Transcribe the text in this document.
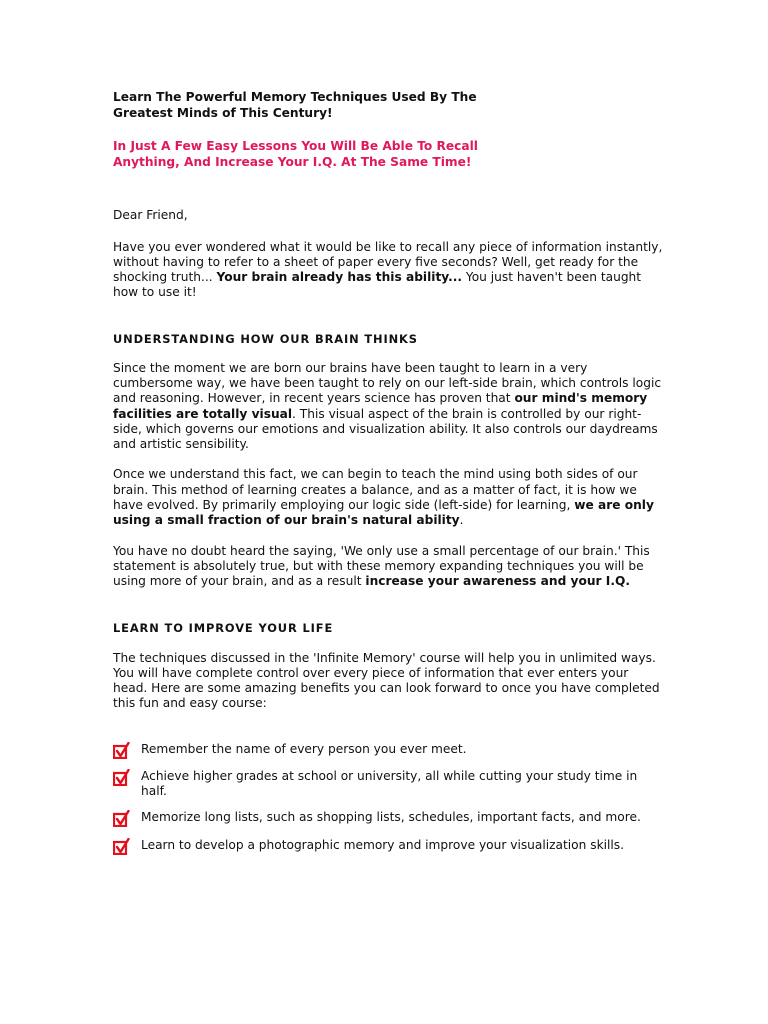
Learn The Powerful Memory Techniques Used By The
Greatest Minds of This Century!
In Just A Few Easy Lessons You Will Be Able To Recall
Anything, And Increase Your I.Q. At The Same Time!

Dear Friend,

Have you ever wondered what it would be like to recall any piece of information instantly, without having to refer to a sheet of paper every five seconds? Well, get ready for the shocking truth... Your brain already has this ability... You just haven't been taught how to use it!

UNDERSTANDING HOW OUR BRAIN THINKS

Since the moment we are born our brains have been taught to learn in a very cumbersome way, we have been taught to rely on our left-side brain, which controls logic and reasoning. However, in recent years science has proven that our mind's memory facilities are totally visual. This visual aspect of the brain is controlled by our right-side, which governs our emotions and visualization ability. It also controls our daydreams and artistic sensibility.

Once we understand this fact, we can begin to teach the mind using both sides of our brain. This method of learning creates a balance, and as a matter of fact, it is how we have evolved. By primarily employing our logic side (left-side) for learning, we are only using a small fraction of our brain's natural ability.

You have no doubt heard the saying, 'We only use a small percentage of our brain.' This statement is absolutely true, but with these memory expanding techniques you will be using more of your brain, and as a result increase your awareness and your I.Q.

LEARN TO IMPROVE YOUR LIFE

The techniques discussed in the 'Infinite Memory' course will help you in unlimited ways. You will have complete control over every piece of information that ever enters your head. Here are some amazing benefits you can look forward to once you have completed this fun and easy course:

Remember the name of every person you ever meet.
Achieve higher grades at school or university, all while cutting your study time in half.
Memorize long lists, such as shopping lists, schedules, important facts, and more.
Learn to develop a photographic memory and improve your visualization skills.
